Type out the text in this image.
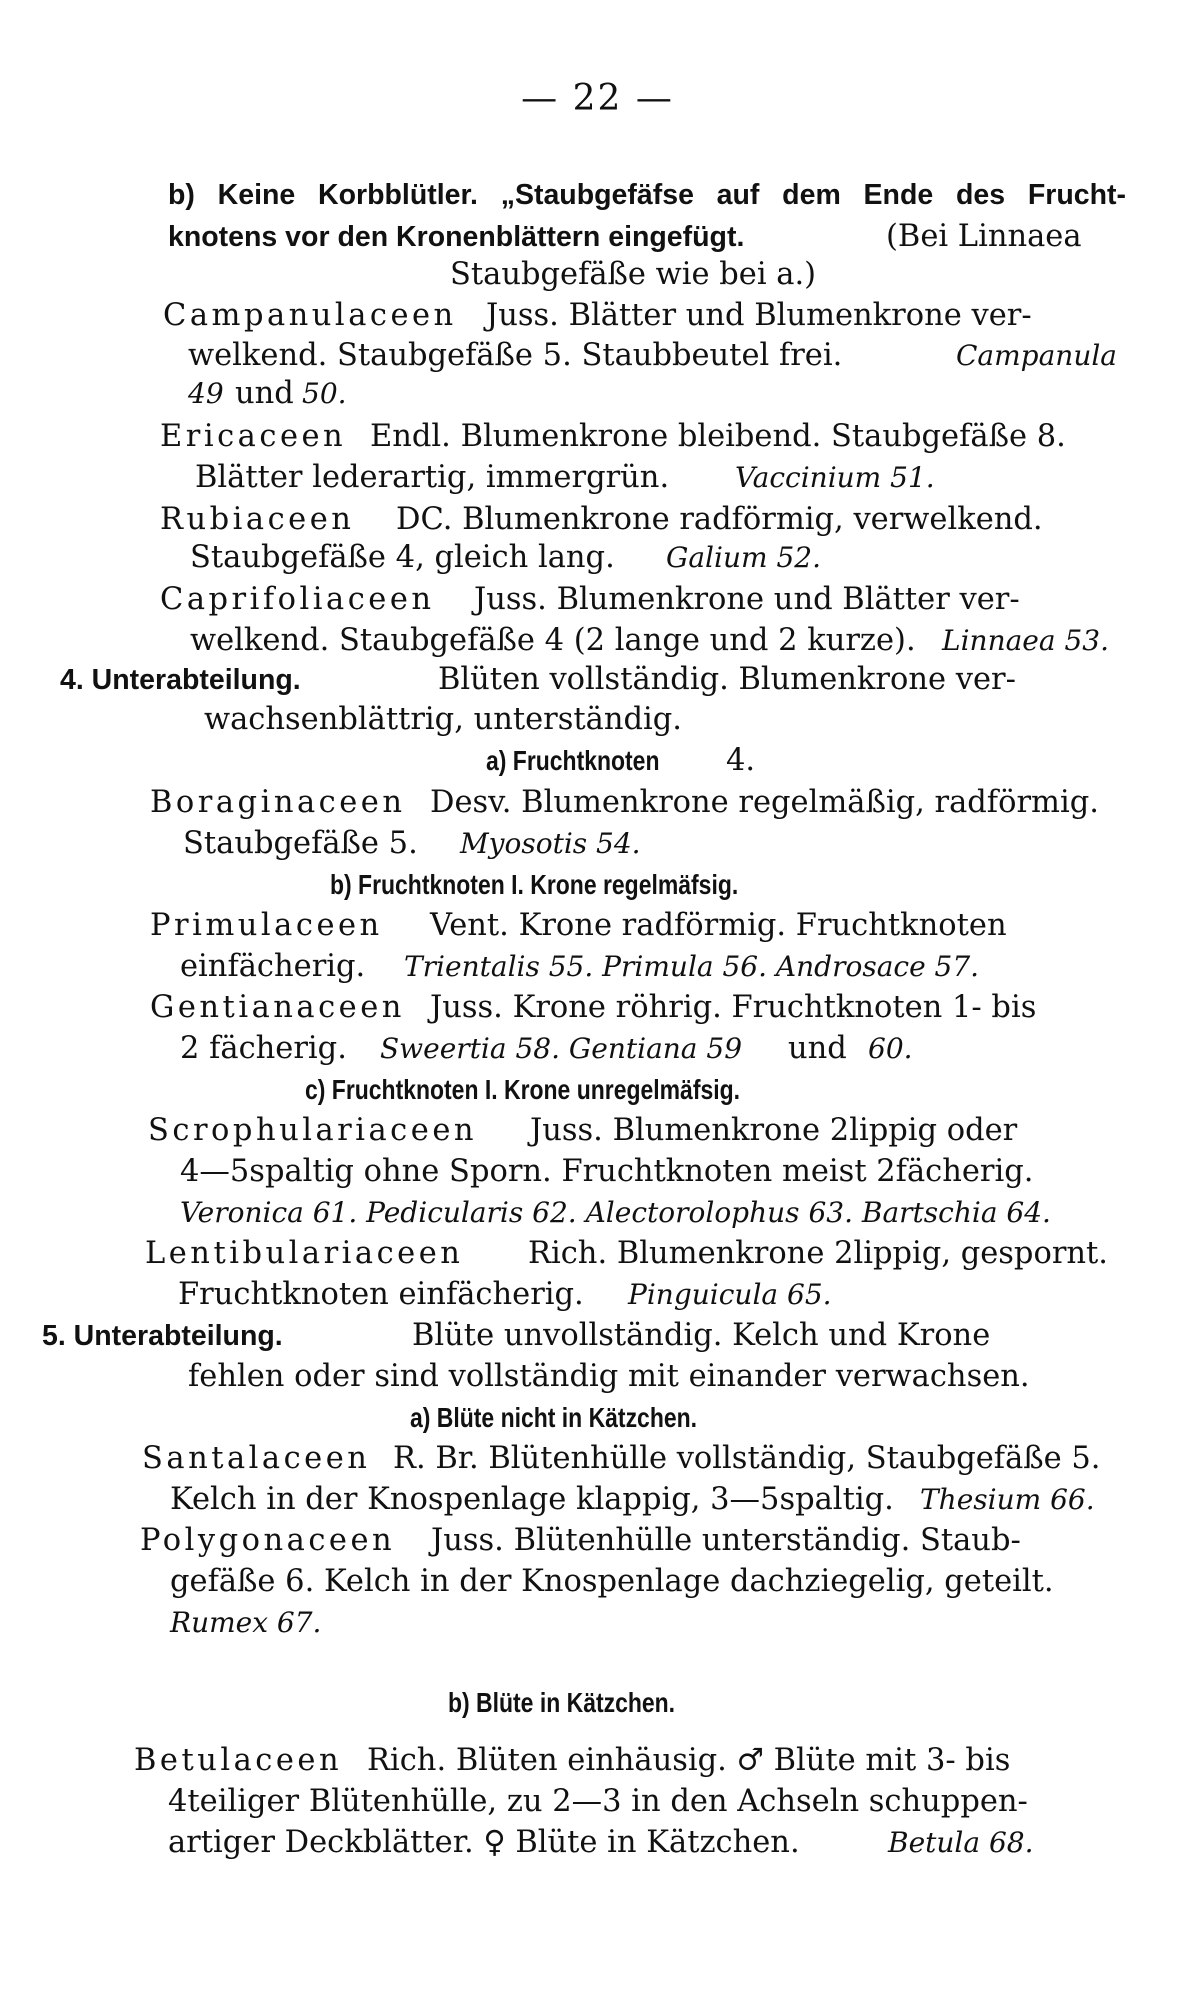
— 22 —
b) Keine Korbblütler. „Staubgefäfse auf dem Ende des Frucht-
knotens vor den Kronenblättern eingefügt.	(Bei Linnaea
Staubgefäße wie bei a.)
Campanulaceen Juss. Blätter und Blumenkrone ver-
welkend. Staubgefäße 5. Staubbeutel frei.	Campanula
49 und 50.
Ericaceen Endl. Blumenkrone bleibend. Staubgefäße 8.
Blätter lederartig, immergrün. Vaccinium 51.
Rubiaceen DC. Blumenkrone radförmig, verwelkend.
Staubgefäße 4, gleich lang. Galium 52.
Caprifoliaceen Juss. Blumenkrone und Blätter ver-
welkend. Staubgefäße 4 (2 lange und 2 kurze). Linnaea 53.
4. Unterabteilung.	Blüten vollständig. Blumenkrone ver-
wachsenblättrig, unterständig.
a) Fruchtknoten 4.
Boraginaceen Desv. Blumenkrone regelmäßig, radförmig.
Staubgefäße 5. Myosotis 54.
b) Fruchtknoten I. Krone regelmäfsig.
Primulaceen Vent. Krone radförmig. Fruchtknoten
einfächerig. Trientalis 55. Primula 56. Androsace 57.
Gentianaceen Juss. Krone röhrig. Fruchtknoten 1- bis
2 fächerig. Sweertia 58. Gentiana 59 und 60.
c) Fruchtknoten I. Krone unregelmäfsig.
Scrophulariaceen Juss. Blumenkrone 2lippig oder
4—5spaltig ohne Sporn. Fruchtknoten meist 2fächerig.
Veronica 61. Pedicularis 62. Alectorolophus 63. Bartschia 64.
Lentibulariaceen Rich. Blumenkrone 2lippig, gespornt.
Fruchtknoten einfächerig. Pinguicula 65.
5. Unterabteilung.	Blüte unvollständig. Kelch und Krone
fehlen oder sind vollständig mit einander verwachsen.
a) Blüte nicht in Kätzchen.
Santalaceen R. Br. Blütenhülle vollständig, Staubgefäße 5.
Kelch in der Knospenlage klappig, 3—5spaltig. Thesium 66.
Polygonaceen Juss. Blütenhülle unterständig. Staub-
gefäße 6. Kelch in der Knospenlage dachziegelig, geteilt.
Rumex 67.
b) Blüte in Kätzchen.
Betulaceen Rich. Blüten einhäusig. ♂ Blüte mit 3- bis
4teiliger Blütenhülle, zu 2—3 in den Achseln schuppen-
artiger Deckblätter. ♀ Blüte in Kätzchen.	Betula 68.
